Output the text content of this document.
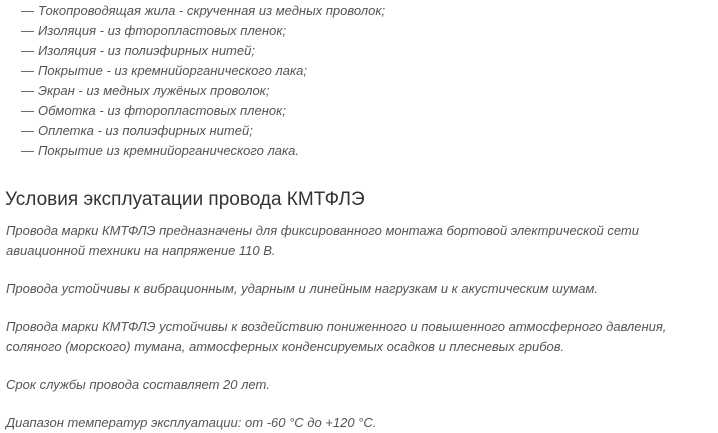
— Токопроводящая жила - скрученная из медных проволок;
— Изоляция - из фторопластовых пленок;
— Изоляция - из полиэфирных нитей;
— Покрытие - из кремнийорганического лака;
— Экран - из медных лужёных проволок;
— Обмотка - из фторопластовых пленок;
— Оплетка - из полиэфирных нитей;
— Покрытие из кремнийорганического лака.
Условия эксплуатации провода КМТФЛЭ

Провода марки КМТФЛЭ предназначены для фиксированного монтажа бортовой электрической сети авиационной техники на напряжение 110 В.

Провода устойчивы к вибрационным, ударным и линейным нагрузкам и к акустическим шумам.

Провода марки КМТФЛЭ устойчивы к воздействию пониженного и повышенного атмосферного давления, соляного (морского) тумана, атмосферных конденсируемых осадков и плесневых грибов.

Срок службы провода составляет 20 лет.

Диапазон температур эксплуатации: от -60 °С до +120 °С.
